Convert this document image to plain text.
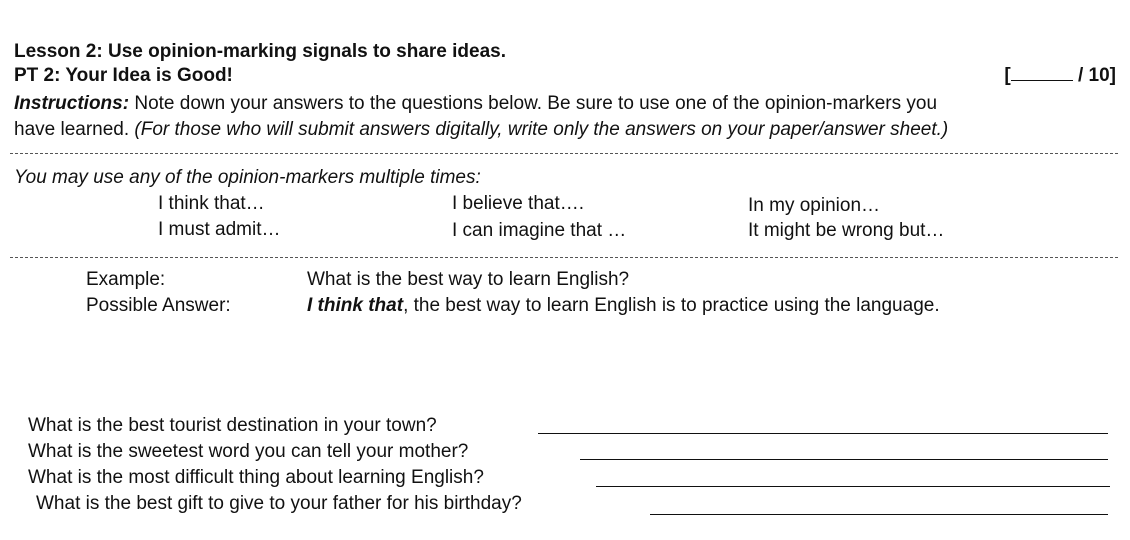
Lesson 2: Use opinion-marking signals to share ideas.
PT 2: Your Idea is Good!	[	/ 10]
Instructions: Note down your answers to the questions below. Be sure to use one of the opinion-markers you
have learned. (For those who will submit answers digitally, write only the answers on your paper/answer sheet.)
You may use any of the opinion-markers multiple times:
I think that…	I believe that….	In my opinion…
I must admit…	I can imagine that …	It might be wrong but…
Example:	What is the best way to learn English?
Possible Answer:	I think that, the best way to learn English is to practice using the language.
What is the best tourist destination in your town?
What is the sweetest word you can tell your mother?
What is the most difficult thing about learning English?
What is the best gift to give to your father for his birthday?
